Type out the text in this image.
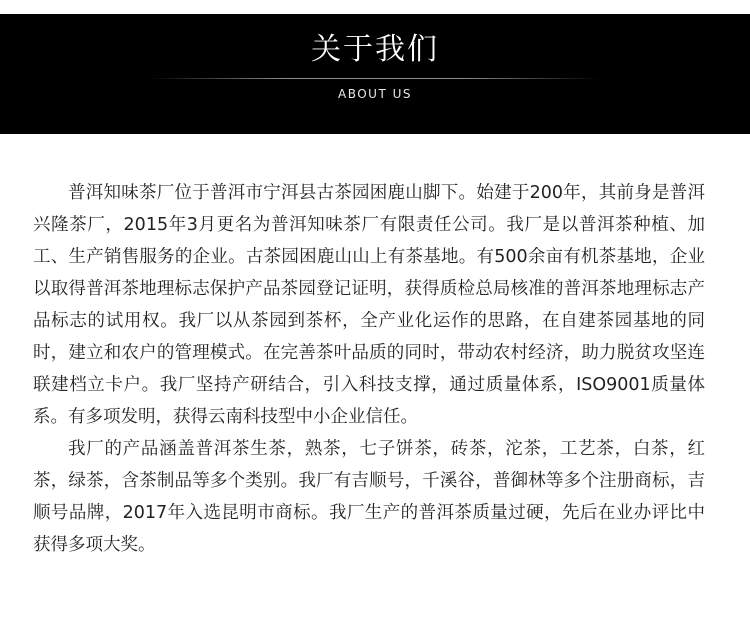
关于我们
ABOUT US

普洱知味茶厂位于普洱市宁洱县古茶园困鹿山脚下。始建于200年，其前身是普洱兴隆茶厂，2015年3月更名为普洱知味茶厂有限责任公司。我厂是以普洱茶种植、加工、生产销售服务的企业。古茶园困鹿山山上有茶基地。有500余亩有机茶基地，企业以取得普洱茶地理标志保护产品茶园登记证明，获得质检总局核准的普洱茶地理标志产品标志的试用权。我厂以从茶园到茶杯，全产业化运作的思路，在自建茶园基地的同时，建立和农户的管理模式。在完善茶叶品质的同时，带动农村经济，助力脱贫攻坚连联建档立卡户。我厂坚持产研结合，引入科技支撑，通过质量体系，ISO9001质量体系。有多项发明，获得云南科技型中小企业信任。

我厂的产品涵盖普洱茶生茶，熟茶，七子饼茶，砖茶，沱茶，工艺茶，白茶，红茶，绿茶，含茶制品等多个类别。我厂有吉顺号，千溪谷，普御林等多个注册商标，吉顺号品牌，2017年入选昆明市商标。我厂生产的普洱茶质量过硬，先后在业办评比中获得多项大奖。
